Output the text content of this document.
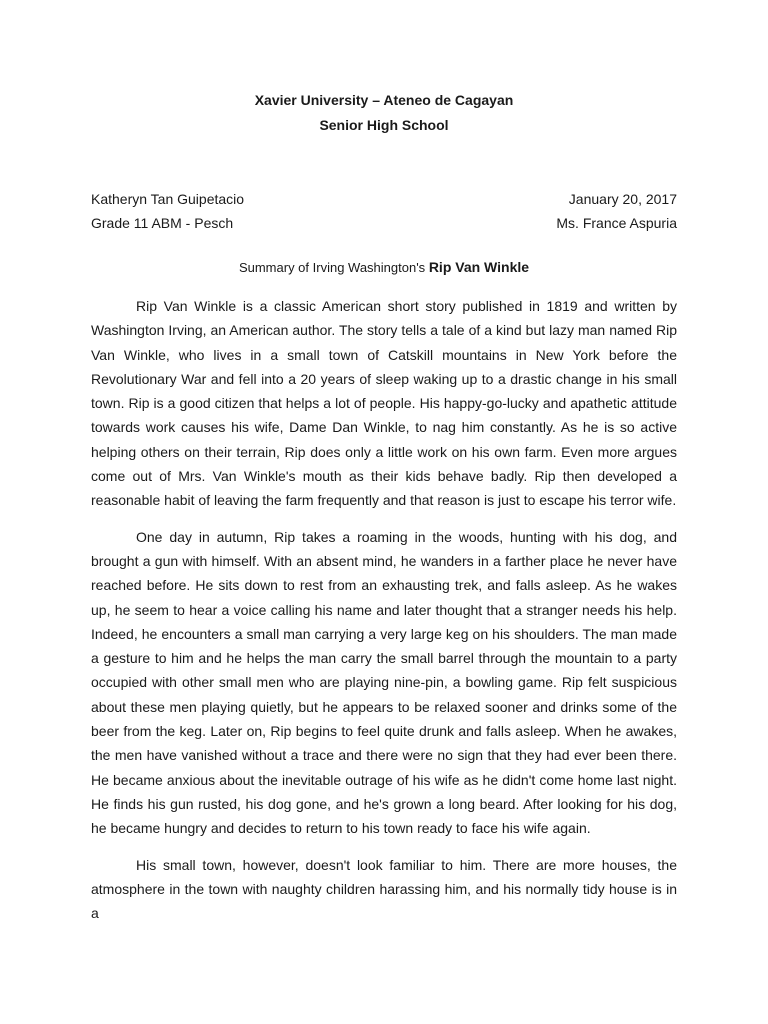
Xavier University – Ateneo de Cagayan
Senior High School
Katheryn Tan Guipetacio	January 20, 2017
Grade 11 ABM - Pesch	Ms. France Aspuria
Summary of Irving Washington's Rip Van Winkle

Rip Van Winkle is a classic American short story published in 1819 and written by Washington Irving, an American author. The story tells a tale of a kind but lazy man named Rip Van Winkle, who lives in a small town of Catskill mountains in New York before the Revolutionary War and fell into a 20 years of sleep waking up to a drastic change in his small town. Rip is a good citizen that helps a lot of people. His happy-go-lucky and apathetic attitude towards work causes his wife, Dame Dan Winkle, to nag him constantly. As he is so active helping others on their terrain, Rip does only a little work on his own farm. Even more argues come out of Mrs. Van Winkle's mouth as their kids behave badly. Rip then developed a reasonable habit of leaving the farm frequently and that reason is just to escape his terror wife.

One day in autumn, Rip takes a roaming in the woods, hunting with his dog, and brought a gun with himself. With an absent mind, he wanders in a farther place he never have reached before. He sits down to rest from an exhausting trek, and falls asleep. As he wakes up, he seem to hear a voice calling his name and later thought that a stranger needs his help. Indeed, he encounters a small man carrying a very large keg on his shoulders. The man made a gesture to him and he helps the man carry the small barrel through the mountain to a party occupied with other small men who are playing nine-pin, a bowling game. Rip felt suspicious about these men playing quietly, but he appears to be relaxed sooner and drinks some of the beer from the keg. Later on, Rip begins to feel quite drunk and falls asleep. When he awakes, the men have vanished without a trace and there were no sign that they had ever been there. He became anxious about the inevitable outrage of his wife as he didn't come home last night. He finds his gun rusted, his dog gone, and he's grown a long beard. After looking for his dog, he became hungry and decides to return to his town ready to face his wife again.

His small town, however, doesn't look familiar to him. There are more houses, the atmosphere in the town with naughty children harassing him, and his normally tidy house is in a
